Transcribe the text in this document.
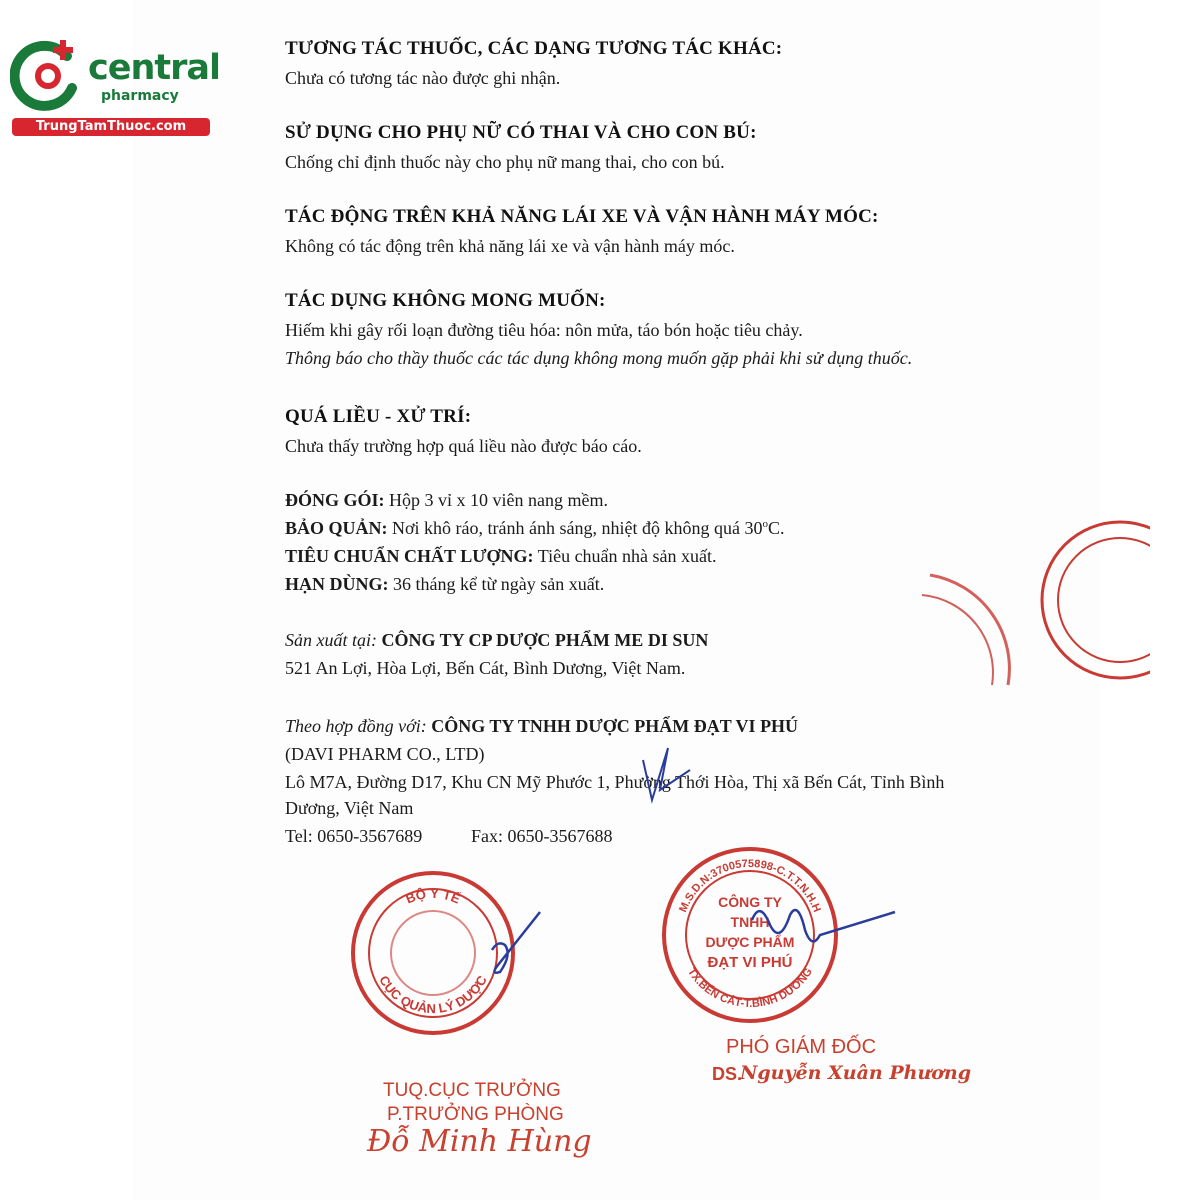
central
pharmacy
TrungTamThuoc.com
TƯƠNG TÁC THUỐC, CÁC DẠNG TƯƠNG TÁC KHÁC:
Chưa có tương tác nào được ghi nhận.
SỬ DỤNG CHO PHỤ NỮ CÓ THAI VÀ CHO CON BÚ:
Chống chỉ định thuốc này cho phụ nữ mang thai, cho con bú.
TÁC ĐỘNG TRÊN KHẢ NĂNG LÁI XE VÀ VẬN HÀNH MÁY MÓC:
Không có tác động trên khả năng lái xe và vận hành máy móc.
TÁC DỤNG KHÔNG MONG MUỐN:
Hiếm khi gây rối loạn đường tiêu hóa: nôn mửa, táo bón hoặc tiêu chảy.
Thông báo cho thầy thuốc các tác dụng không mong muốn gặp phải khi sử dụng thuốc.
QUÁ LIỀU - XỬ TRÍ:
Chưa thấy trường hợp quá liều nào được báo cáo.
ĐÓNG GÓI: Hộp 3 vỉ x 10 viên nang mềm.
BẢO QUẢN: Nơi khô ráo, tránh ánh sáng, nhiệt độ không quá 30$^o$C.
TIÊU CHUẨN CHẤT LƯỢNG: Tiêu chuẩn nhà sản xuất.
HẠN DÙNG: 36 tháng kể từ ngày sản xuất.
Sản xuất tại: CÔNG TY CP DƯỢC PHẨM ME DI SUN
521 An Lợi, Hòa Lợi, Bến Cát, Bình Dương, Việt Nam.
Theo hợp đồng với: CÔNG TY TNHH DƯỢC PHẨM ĐẠT VI PHÚ
(DAVI PHARM CO., LTD)
Lô M7A, Đường D17, Khu CN Mỹ Phước 1, Phường Thới Hòa, Thị xã Bến Cát, Tỉnh Bình
Dương, Việt Nam
Tel: 0650-3567689	Fax: 0650-3567688
BỘ Y TẾ
CỤC QUẢN LÝ DƯỢC
M.S.D.N:3700575898-C.T.T.N.H.H
TX.BẾN CÁT-T.BÌNH DƯƠNG
CÔNG TY
TNHH
DƯỢC PHẨM
ĐẠT VI PHÚ
TUQ.CỤC TRƯỞNG
P.TRƯỞNG PHÒNG
Đỗ Minh Hùng
PHÓ GIÁM ĐỐC
DS.
Nguyễn Xuân Phương
